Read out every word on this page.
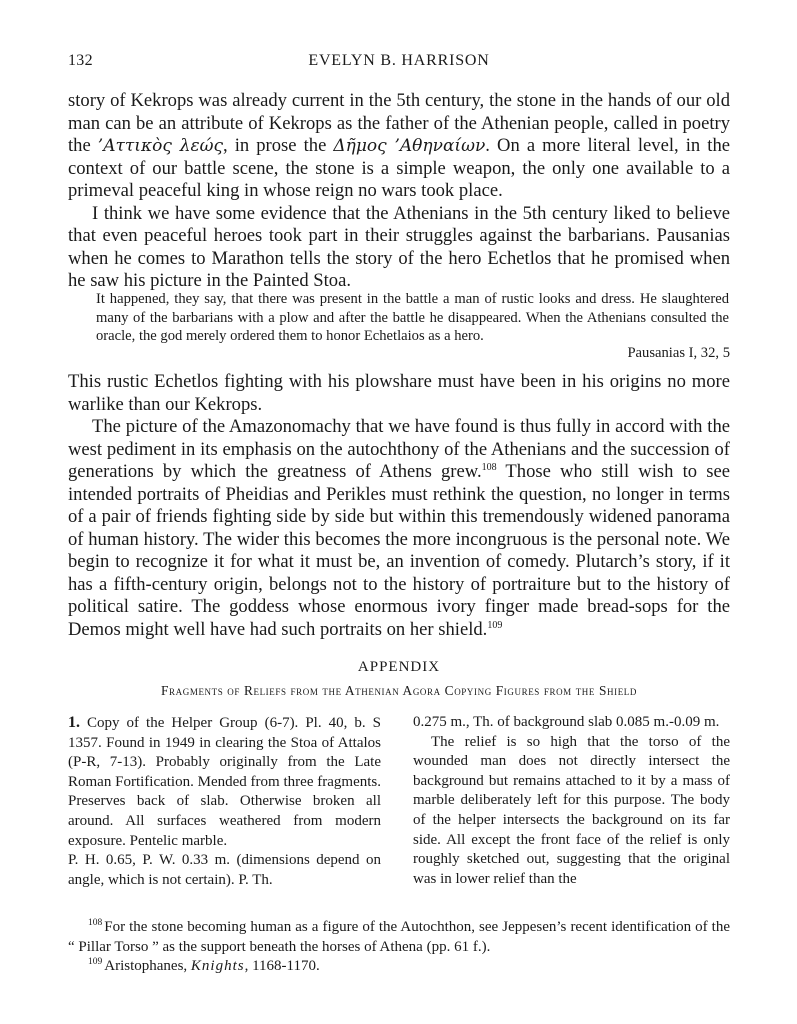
132	EVELYN B. HARRISON

story of Kekrops was already current in the 5th century, the stone in the hands of our old man can be an attribute of Kekrops as the father of the Athenian people, called in poetry the ’Αττικὸς λεώς, in prose the Δῆμος ’Αθηναίων. On a more literal level, in the context of our battle scene, the stone is a simple weapon, the only one available to a primeval peaceful king in whose reign no wars took place.

I think we have some evidence that the Athenians in the 5th century liked to believe that even peaceful heroes took part in their struggles against the barbarians. Pausanias when he comes to Marathon tells the story of the hero Echetlos that he promised when he saw his picture in the Painted Stoa.

It happened, they say, that there was present in the battle a man of rustic looks and dress. He slaughtered many of the barbarians with a plow and after the battle he disappeared. When the Athenians consulted the oracle, the god merely ordered them to honor Echetlaios as a hero.
Pausanias I, 32, 5

This rustic Echetlos fighting with his plowshare must have been in his origins no more warlike than our Kekrops.

The picture of the Amazonomachy that we have found is thus fully in accord with the west pediment in its emphasis on the autochthony of the Athenians and the succession of generations by which the greatness of Athens grew.$^{108}$ Those who still wish to see intended portraits of Pheidias and Perikles must rethink the question, no longer in terms of a pair of friends fighting side by side but within this tremendously widened panorama of human history. The wider this becomes the more incongruous is the personal note. We begin to recognize it for what it must be, an invention of comedy. Plutarch’s story, if it has a fifth-century origin, belongs not to the history of portraiture but to the history of political satire. The goddess whose enormous ivory finger made bread-sops for the Demos might well have had such portraits on her shield.$^{109}$

APPENDIX
Fragments of Reliefs from the Athenian Agora Copying Figures from the Shield

1. Copy of the Helper Group (6-7). Pl. 40, b. S 1357. Found in 1949 in clearing the Stoa of Attalos (P-R, 7-13). Probably originally from the Late Roman Fortification. Mended from three fragments. Preserves back of slab. Otherwise broken all around. All surfaces weathered from modern exposure. Pentelic marble.

P. H. 0.65, P. W. 0.33 m. (dimensions depend on angle, which is not certain). P. Th.

0.275 m., Th. of background slab 0.085 m.-0.09 m.

The relief is so high that the torso of the wounded man does not directly intersect the background but remains attached to it by a mass of marble deliberately left for this purpose. The body of the helper intersects the background on its far side. All except the front face of the relief is only roughly sketched out, suggesting that the original was in lower relief than the

$^{108}$ For the stone becoming human as a figure of the Autochthon, see Jeppesen’s recent identification of the “ Pillar Torso ” as the support beneath the horses of Athena (pp. 61 f.).

$^{109}$ Aristophanes, Knights, 1168-1170.
